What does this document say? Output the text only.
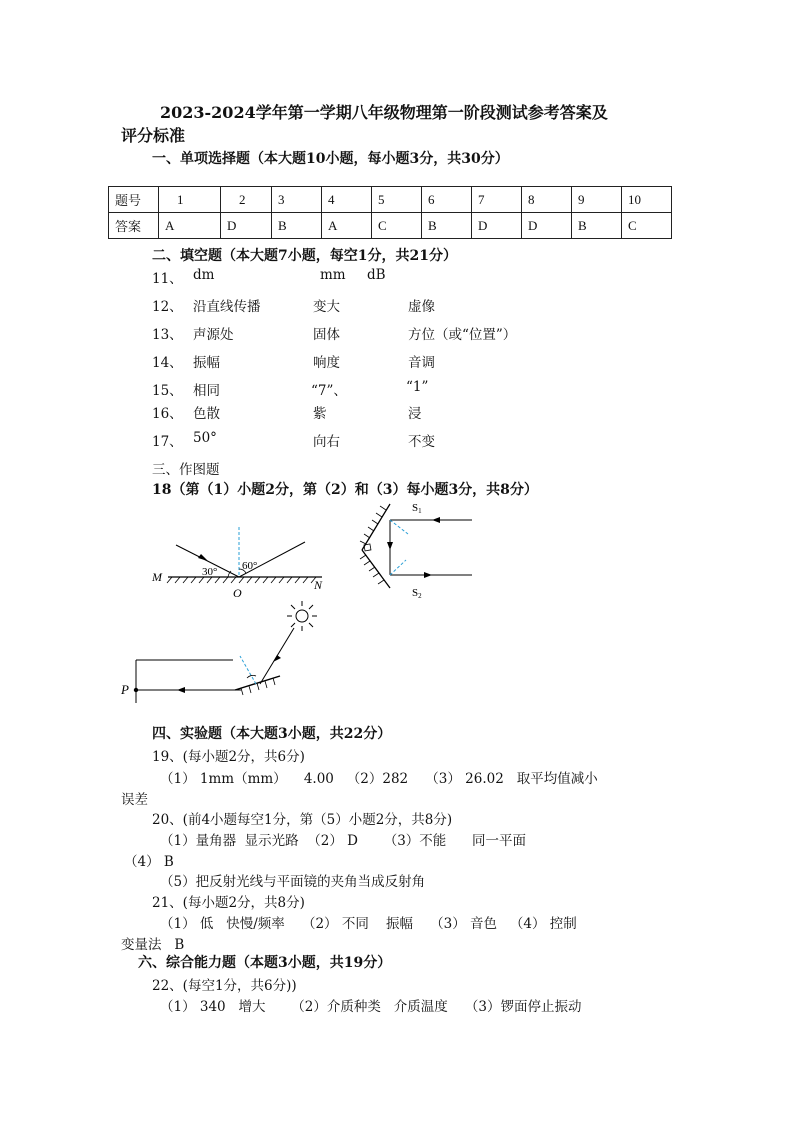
2023-2024学年第一学期八年级物理第一阶段测试参考答案及
评分标准
一、单项选择题（本大题10小题，每小题3分，共30分）
题号	1	2	3	4	5	6	7	8	9	10
答案	A	D	B	A	C	B	D	D	B	C
二、填空题（本大题7小题，每空1分，共21分）
11、 dm	mm dB
12、 沿直线传播	变大	虚像
13、 声源处	固体	方位（或“位置”）
14、 振幅	响度	音调
15、 相同	“7”、	“1”
16、 色散	紫	浸
17、 50°	向右	不变
三、作图题
18（第（1）小题2分，第（2）和（3）每小题3分，共8分）
30° 60°
M
O
N
S1
S2
P
四、实验题（本大题3小题，共22分）
19、(每小题2分，共6分)
（1） 1mm（mm）    4.00   （2）282    （3） 26.02   取平均值减小
误差
20、(前4小题每空1分，第（5）小题2分，共8分)
（1）量角器  显示光路  （2） D      （3）不能      同一平面
（4） B
（5）把反射光线与平面镜的夹角当成反射角
21、(每小题2分，共8分)
（1） 低   快慢/频率    （2） 不同    振幅    （3） 音色   （4） 控制
变量法   B
六、综合能力题（本题3小题，共19分）
22、(每空1分，共6分))
（1） 340   增大      （2）介质种类   介质温度    （3）锣面停止振动
